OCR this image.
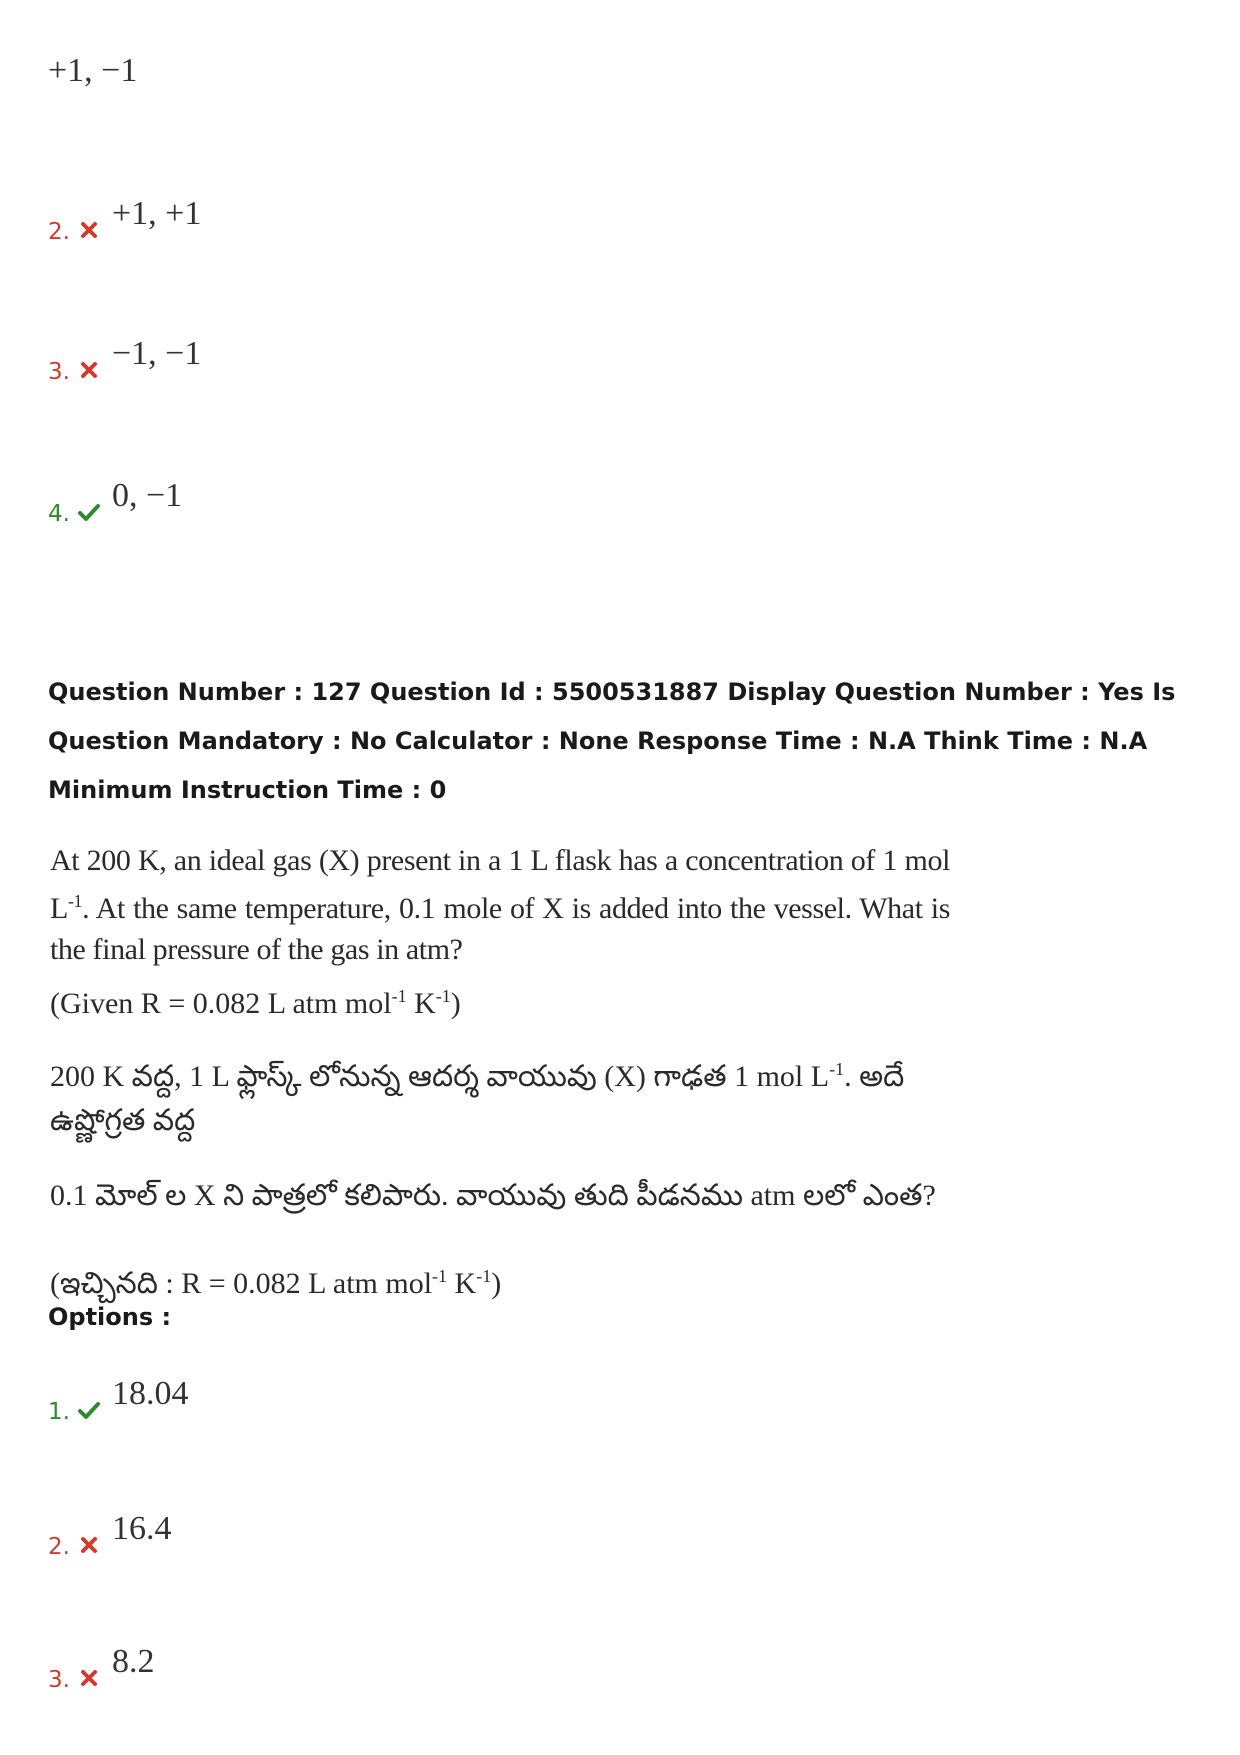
+1, −1
2. +1, +1
3. −1, −1
4. 0, −1
Question Number : 127 Question Id : 5500531887 Display Question Number : Yes Is Question Mandatory : No Calculator : None Response Time : N.A Think Time : N.A Minimum Instruction Time : 0
At 200 K, an ideal gas (X) present in a 1 L flask has a concentration of 1 mol $L^{-1}$. At the same temperature, 0.1 mole of X is added into the vessel. What is the final pressure of the gas in atm?
(Given R = 0.082 L atm mol$^{-1}$ $K^{-1}$)
200 K వద్ద, 1 L ఫ్లాస్క్ లోనున్న ఆదర్శ వాయువు (X) గాఢత 1 mol $L^{-1}$. అదే ఉష్ణోగ్రత వద్ద
0.1 మోల్ ల X ని పాత్రలో కలిపారు. వాయువు తుది పీడనము atm లలో ఎంత?
(ఇచ్చినది : R = 0.082 L atm mol$^{-1}$ $K^{-1}$)
Options :
1. 18.04
2. 16.4
3. 8.2
